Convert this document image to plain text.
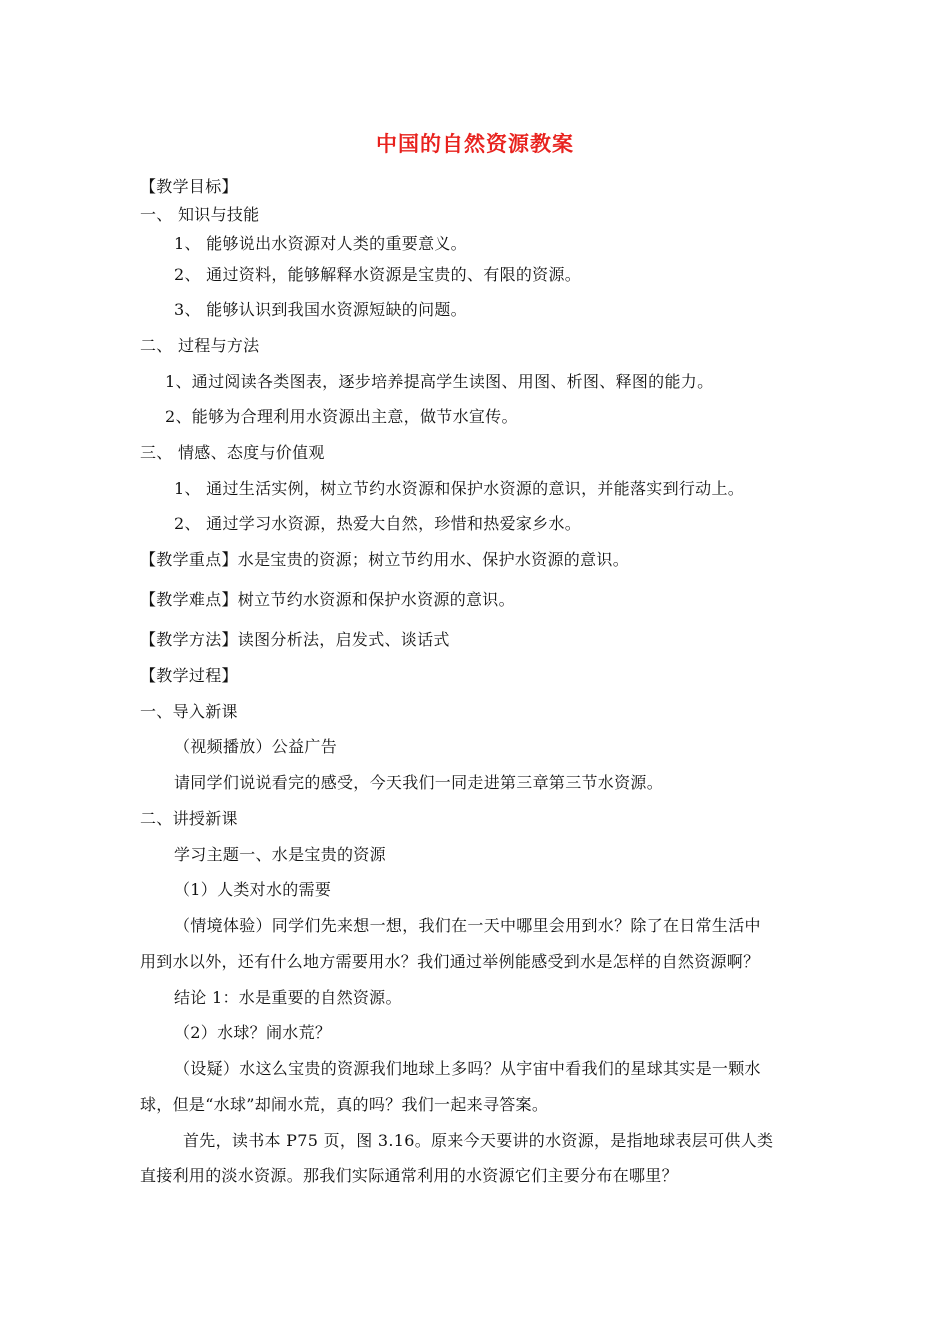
中国的自然资源教案
【教学目标】
一、 知识与技能
1、 能够说出水资源对人类的重要意义。
2、 通过资料，能够解释水资源是宝贵的、有限的资源。
3、 能够认识到我国水资源短缺的问题。
二、 过程与方法
1、通过阅读各类图表，逐步培养提高学生读图、用图、析图、释图的能力。
2、能够为合理利用水资源出主意，做节水宣传。
三、 情感、态度与价值观
1、 通过生活实例，树立节约水资源和保护水资源的意识，并能落实到行动上。
2、 通过学习水资源，热爱大自然，珍惜和热爱家乡水。
【教学重点】水是宝贵的资源；树立节约用水、保护水资源的意识。
【教学难点】树立节约水资源和保护水资源的意识。
【教学方法】读图分析法，启发式、谈话式
【教学过程】
一、导入新课
（视频播放）公益广告
请同学们说说看完的感受，今天我们一同走进第三章第三节水资源。
二、讲授新课
学习主题一、水是宝贵的资源
（1）人类对水的需要
（情境体验）同学们先来想一想，我们在一天中哪里会用到水？除了在日常生活中
用到水以外，还有什么地方需要用水？我们通过举例能感受到水是怎样的自然资源啊？
结论 1：水是重要的自然资源。
（2）水球？闹水荒？
（设疑）水这么宝贵的资源我们地球上多吗？从宇宙中看我们的星球其实是一颗水
球，但是“水球”却闹水荒，真的吗？我们一起来寻答案。
首先，读书本 P75 页，图 3.16。原来今天要讲的水资源，是指地球表层可供人类
直接利用的淡水资源。那我们实际通常利用的水资源它们主要分布在哪里？
